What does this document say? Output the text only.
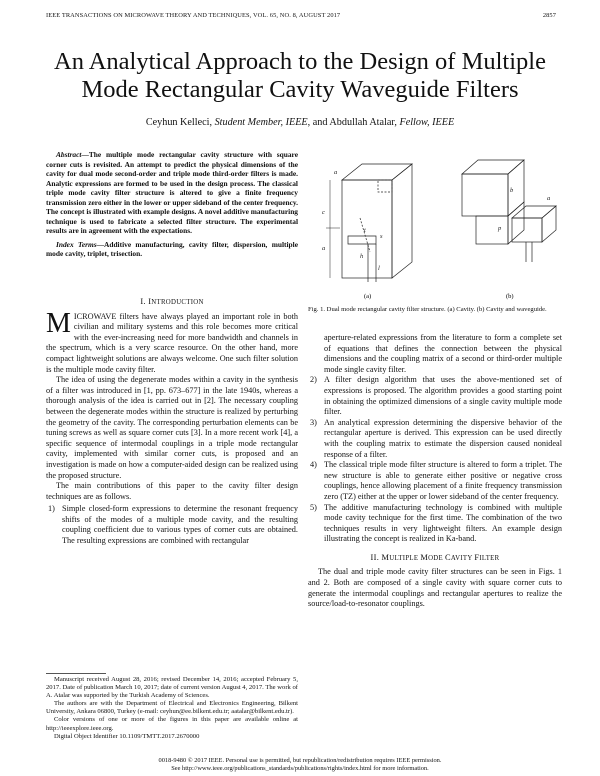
IEEE TRANSACTIONS ON MICROWAVE THEORY AND TECHNIQUES, VOL. 65, NO. 8, AUGUST 2017	2857
An Analytical Approach to the Design of Multiple
Mode Rectangular Cavity Waveguide Filters
Ceyhun Kelleci, Student Member, IEEE, and Abdullah Atalar, Fellow, IEEE

Abstract—The multiple mode rectangular cavity structure with square corner cuts is revisited. An attempt to predict the physical dimensions of the cavity for dual mode second-order and triple mode third-order filters is made. Analytic expressions are formed to be used in the design process. The classical triple mode cavity filter structure is altered to give a finite frequency transmission zero either in the lower or upper sideband of the center frequency. The concept is illustrated with example designs. A novel additive manufacturing technique is used to fabricate a selected filter structure. The experimental results are in agreement with the expectations.

Index Terms—Additive manufacturing, cavity filter, dispersion, multiple mode cavity, triplet, trisection.

I. INTRODUCTION

MICROWAVE filters have always played an important role in both civilian and military systems and this role becomes more critical with the ever-increasing need for more bandwidth and channels in the spectrum, which is a very scarce resource. On the other hand, more compact lightweight solutions are always welcome. One such filter solution is the multiple mode cavity filter.

The idea of using the degenerate modes within a cavity in the synthesis of a filter was introduced in [1, pp. 673–677] in the late 1940s, whereas a thorough analysis of the idea is carried out in [2]. The necessary coupling between the degenerate modes within the structure is realized by perturbing the geometry of the cavity. The corresponding perturbation elements can be tuning screws as well as square corner cuts [3]. In a more recent work [4], a specific sequence of intermodal couplings in a triple mode rectangular cavity, implemented with similar corner cuts, is proposed and an investigation is made on how a computer-aided design can be realized using the proposed structure.

The main contributions of this paper to the cavity filter design techniques are as follows.

1) Simple closed-form expressions to determine the resonant frequency shifts of the modes of a multiple mode cavity, and the resulting coupling coefficient due to various types of corner cuts are obtained. The resulting expressions are combined with rectangular

Manuscript received August 28, 2016; revised December 14, 2016; accepted February 5, 2017. Date of publication March 10, 2017; date of current version August 4, 2017. The work of A. Atalar was supported by the Turkish Academy of Sciences.

The authors are with the Department of Electrical and Electronics Engineering, Bilkent University, Ankara 06800, Turkey (e-mail: ceyhun@ee.bilkent.edu.tr; aatalar@bilkent.edu.tr).

Color versions of one or more of the figures in this paper are available online at http://ieeexplore.ieee.org.

Digital Object Identifier 10.1109/TMTT.2017.2670000

a
c
a
s
t
h
l
b
a
p
(a)	(b)
Fig. 1. Dual mode rectangular cavity filter structure. (a) Cavity. (b) Cavity and waveguide.
aperture-related expressions from the literature to form a complete set of equations that defines the connection between the physical dimensions and the coupling matrix of a second or third-order multiple mode single cavity filter.
2) A filter design algorithm that uses the above-mentioned set of expressions is proposed. The algorithm provides a good starting point in obtaining the optimized dimensions of a single cavity multiple mode filter.
3) An analytical expression determining the dispersive behavior of the rectangular aperture is derived. This expression can be used directly with the coupling matrix to estimate the dispersion caused nonideal response of a filter.
4) The classical triple mode filter structure is altered to form a triplet. The new structure is able to generate either positive or negative cross couplings, hence allowing placement of a finite frequency transmission zero (TZ) either at the upper or lower sideband of the center frequency.
5) The additive manufacturing technology is combined with multiple mode cavity technique for the first time. The combination of the two techniques results in very lightweight filters. An example design illustrating the concept is realized in Ka-band.
II. MULTIPLE MODE CAVITY FILTER

The dual and triple mode cavity filter structures can be seen in Figs. 1 and 2. Both are composed of a single cavity with square corner cuts to generate the intermodal couplings and rectangular apertures to realize the source/load-to-resonator couplings.

0018-9480 © 2017 IEEE. Personal use is permitted, but republication/redistribution requires IEEE permission.
See http://www.ieee.org/publications_standards/publications/rights/index.html for more information.
